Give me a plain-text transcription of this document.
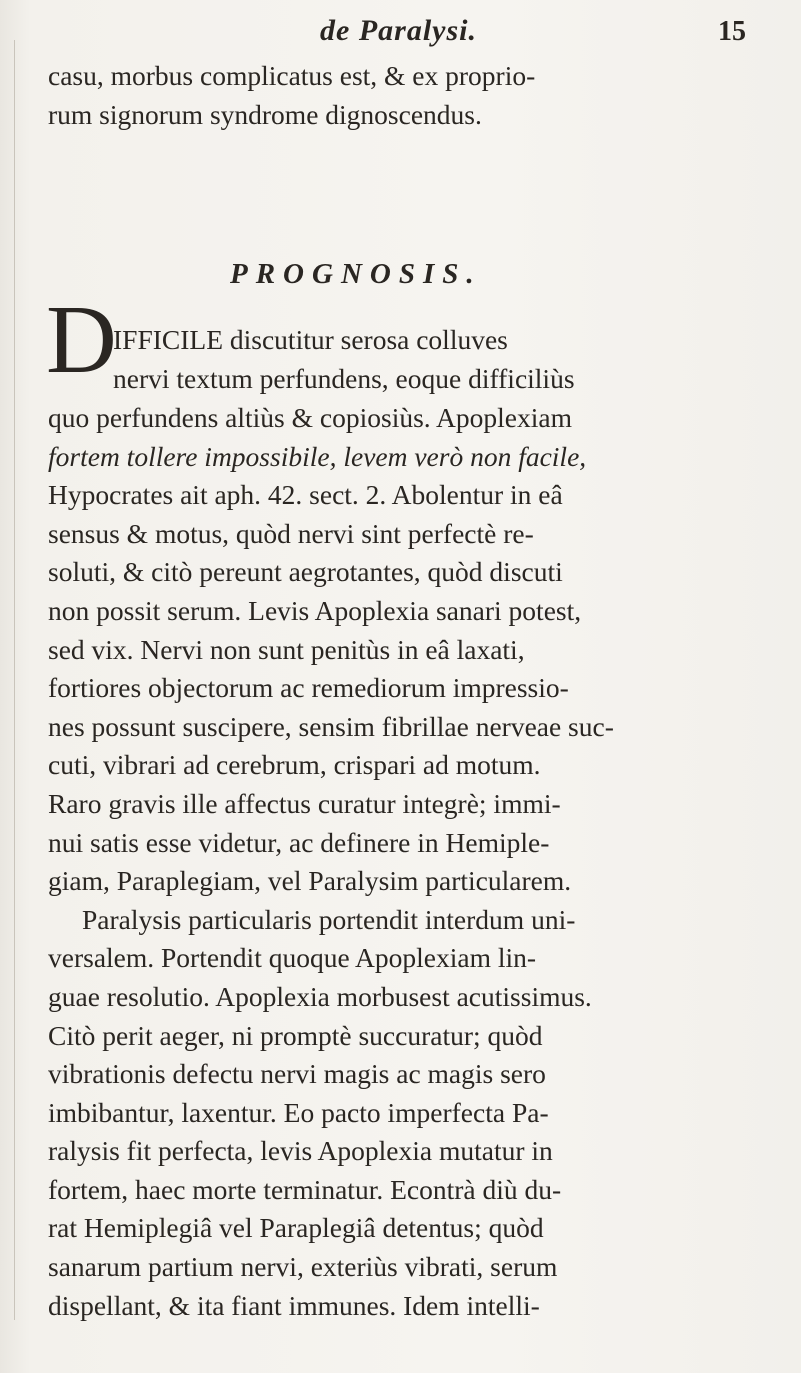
de Paralysi.	15
casu, morbus complicatus est, & ex proprio-
rum signorum syndrome dignoscendus.
PROGNOSIS.
D
IFFICILE discutitur serosa colluves
nervi textum perfundens, eoque difficiliùs
quo perfundens altiùs & copiosiùs. Apoplexiam
fortem tollere impossibile, levem verò non facile,
Hypocrates ait aph. 42. sect. 2. Abolentur in eâ
sensus & motus, quòd nervi sint perfectè re-
soluti, & citò pereunt aegrotantes, quòd discuti
non possit serum. Levis Apoplexia sanari potest,
sed vix. Nervi non sunt penitùs in eâ laxati,
fortiores objectorum ac remediorum impressio-
nes possunt suscipere, sensim fibrillae nerveae suc-
cuti, vibrari ad cerebrum, crispari ad motum.
Raro gravis ille affectus curatur integrè; immi-
nui satis esse videtur, ac definere in Hemiple-
giam, Paraplegiam, vel Paralysim particularem.
Paralysis particularis portendit interdum uni-
versalem. Portendit quoque Apoplexiam lin-
guae resolutio. Apoplexia morbusest acutissimus.
Citò perit aeger, ni promptè succuratur; quòd
vibrationis defectu nervi magis ac magis sero
imbibantur, laxentur. Eo pacto imperfecta Pa-
ralysis fit perfecta, levis Apoplexia mutatur in
fortem, haec morte terminatur. Econtrà diù du-
rat Hemiplegiâ vel Paraplegiâ detentus; quòd
sanarum partium nervi, exteriùs vibrati, serum
dispellant, & ita fiant immunes. Idem intelli-
